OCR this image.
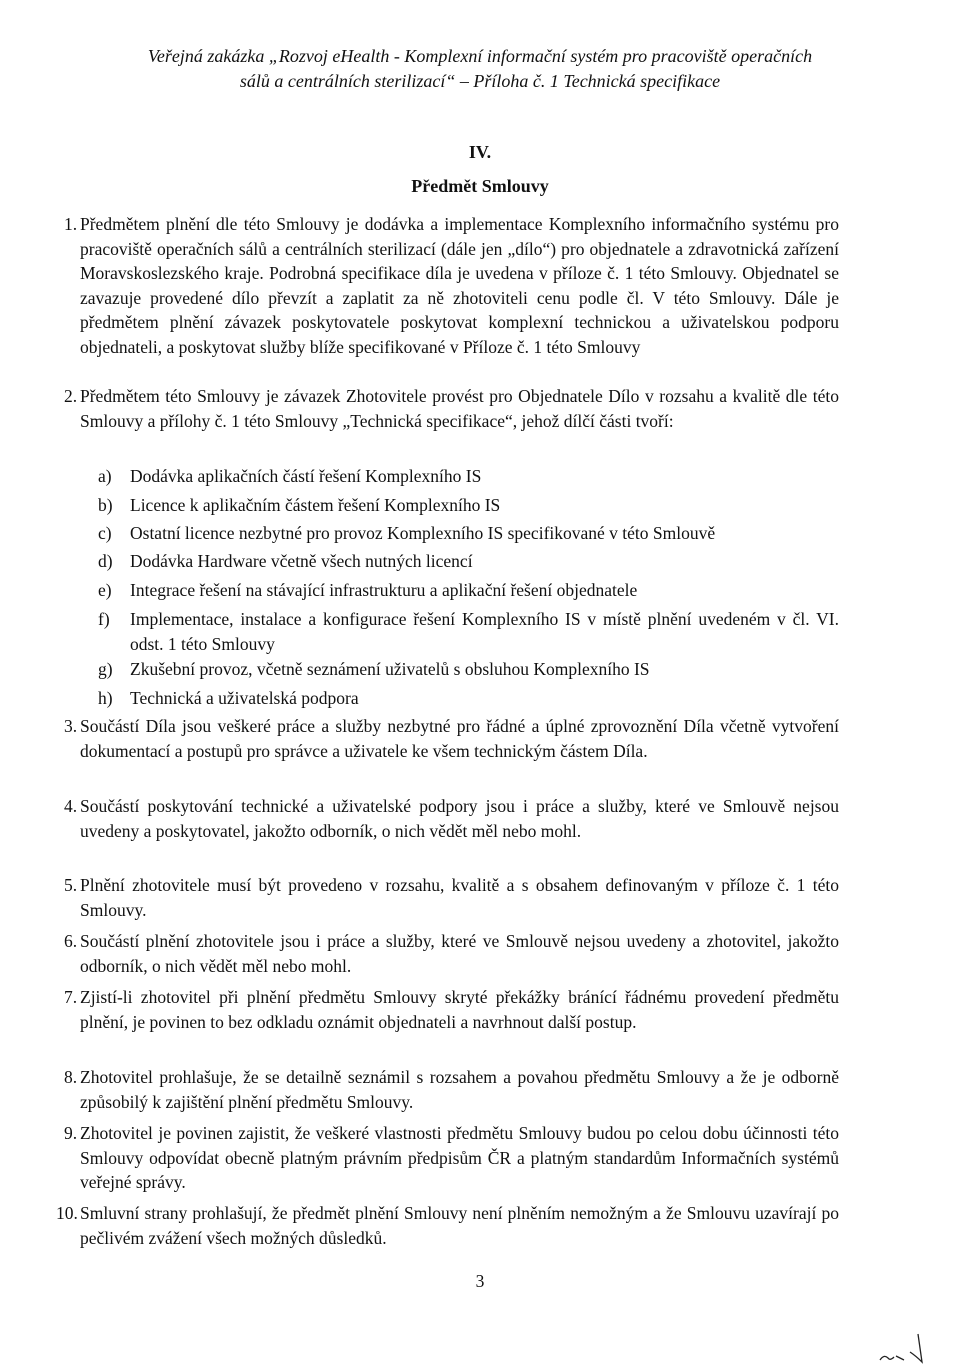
Veřejná zakázka „Rozvoj eHealth - Komplexní informační systém pro pracoviště operačních
sálů a centrálních sterilizací“ – Příloha č. 1 Technická specifikace
IV.
Předmět Smlouvy
1. Předmětem plnění dle této Smlouvy je dodávka a implementace Komplexního informačního systému pro pracoviště operačních sálů a centrálních sterilizací (dále jen „dílo“) pro objednatele a zdravotnická zařízení Moravskoslezského kraje. Podrobná specifikace díla je uvedena v příloze č. 1 této Smlouvy. Objednatel se zavazuje provedené dílo převzít a zaplatit za ně zhotoviteli cenu podle čl. V této Smlouvy. Dále je předmětem plnění závazek poskytovatele poskytovat komplexní technickou a uživatelskou podporu objednateli, a poskytovat služby blíže specifikované v Příloze č. 1 této Smlouvy
2. Předmětem této Smlouvy je závazek Zhotovitele provést pro Objednatele Dílo v rozsahu a kvalitě dle této Smlouvy a přílohy č. 1 této Smlouvy „Technická specifikace“, jehož dílčí části tvoří:
a) Dodávka aplikačních částí řešení Komplexního IS
b) Licence k aplikačním částem řešení Komplexního IS
c) Ostatní licence nezbytné pro provoz Komplexního IS specifikované v této Smlouvě
d) Dodávka Hardware včetně všech nutných licencí
e) Integrace řešení na stávající infrastrukturu a aplikační řešení objednatele
f) Implementace, instalace a konfigurace řešení Komplexního IS v místě plnění uvedeném v čl. VI. odst. 1 této Smlouvy
g) Zkušební provoz, včetně seznámení uživatelů s obsluhou Komplexního IS
h) Technická a uživatelská podpora
3. Součástí Díla jsou veškeré práce a služby nezbytné pro řádné a úplné zprovoznění Díla včetně vytvoření dokumentací a postupů pro správce a uživatele ke všem technickým částem Díla.
4. Součástí poskytování technické a uživatelské podpory jsou i práce a služby, které ve Smlouvě nejsou uvedeny a poskytovatel, jakožto odborník, o nich vědět měl nebo mohl.
5. Plnění zhotovitele musí být provedeno v rozsahu, kvalitě a s obsahem definovaným v příloze č. 1 této Smlouvy.
6. Součástí plnění zhotovitele jsou i práce a služby, které ve Smlouvě nejsou uvedeny a zhotovitel, jakožto odborník, o nich vědět měl nebo mohl.
7. Zjistí-li zhotovitel při plnění předmětu Smlouvy skryté překážky bránící řádnému provedení předmětu plnění, je povinen to bez odkladu oznámit objednateli a navrhnout další postup.
8. Zhotovitel prohlašuje, že se detailně seznámil s rozsahem a povahou předmětu Smlouvy a že je odborně způsobilý k zajištění plnění předmětu Smlouvy.
9. Zhotovitel je povinen zajistit, že veškeré vlastnosti předmětu Smlouvy budou po celou dobu účinnosti této Smlouvy odpovídat obecně platným právním předpisům ČR a platným standardům Informačních systémů veřejné správy.
10. Smluvní strany prohlašují, že předmět plnění Smlouvy není plněním nemožným a že Smlouvu uzavírají po pečlivém zvážení všech možných důsledků.
3
